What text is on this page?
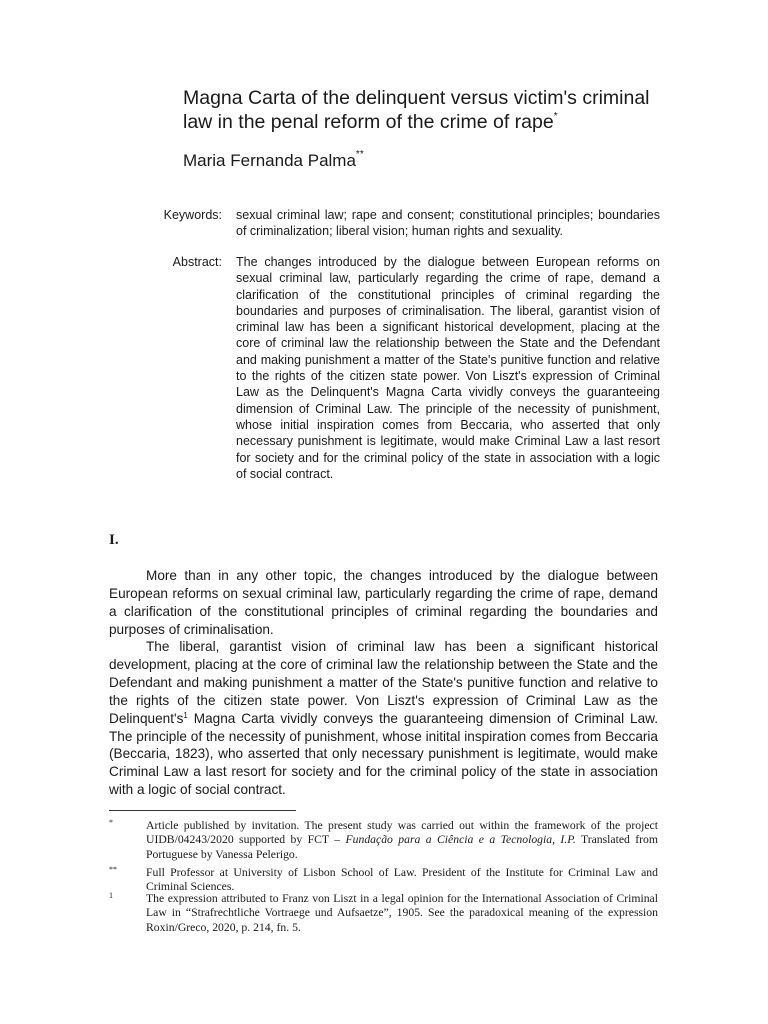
Magna Carta of the delinquent versus victim's criminal law in the penal reform of the crime of rape*
Maria Fernanda Palma**
Keywords: sexual criminal law; rape and consent; constitutional principles; boundaries of criminalization; liberal vision; human rights and sexuality.

Abstract: The changes introduced by the dialogue between European reforms on sexual criminal law, particularly regarding the crime of rape, demand a clarification of the constitutional principles of criminal regarding the boundaries and purposes of criminalisation. The liberal, garantist vision of criminal law has been a significant historical development, placing at the core of criminal law the relationship between the State and the Defendant and making punishment a matter of the State's punitive function and relative to the rights of the citizen state power. Von Liszt's expression of Criminal Law as the Delinquent's Magna Carta vividly conveys the guaranteeing dimension of Criminal Law. The principle of the necessity of punishment, whose initial inspiration comes from Beccaria, who asserted that only necessary punishment is legitimate, would make Criminal Law a last resort for society and for the criminal policy of the state in association with a logic of social contract.

I.

More than in any other topic, the changes introduced by the dialogue between European reforms on sexual criminal law, particularly regarding the crime of rape, demand a clarification of the constitutional principles of criminal regarding the boundaries and purposes of criminalisation.

The liberal, garantist vision of criminal law has been a significant historical development, placing at the core of criminal law the relationship between the State and the Defendant and making punishment a matter of the State's punitive function and relative to the rights of the citizen state power. Von Liszt's expression of Criminal Law as the $Delinquent's^1$ Magna Carta vividly conveys the guaranteeing dimension of Criminal Law. The principle of the necessity of punishment, whose initital inspiration comes from Beccaria (Beccaria, 1823), who asserted that only necessary punishment is legitimate, would make Criminal Law a last resort for society and for the criminal policy of the state in association with a logic of social contract.

*	Article published by invitation. The present study was carried out within the framework of the project UIDB/04243/2020 supported by FCT – Fundação para a Ciência e a Tecnologia, I.P. Translated from Portuguese by Vanessa Pelerigo.
** Full Professor at University of Lisbon School of Law. President of the Institute for Criminal Law and Criminal Sciences.
1	The expression attributed to Franz von Liszt in a legal opinion for the International Association of Criminal Law in “Strafrechtliche Vortraege und Aufsaetze”, 1905. See the paradoxical meaning of the expression Roxin/Greco, 2020, p. 214, fn. 5.
